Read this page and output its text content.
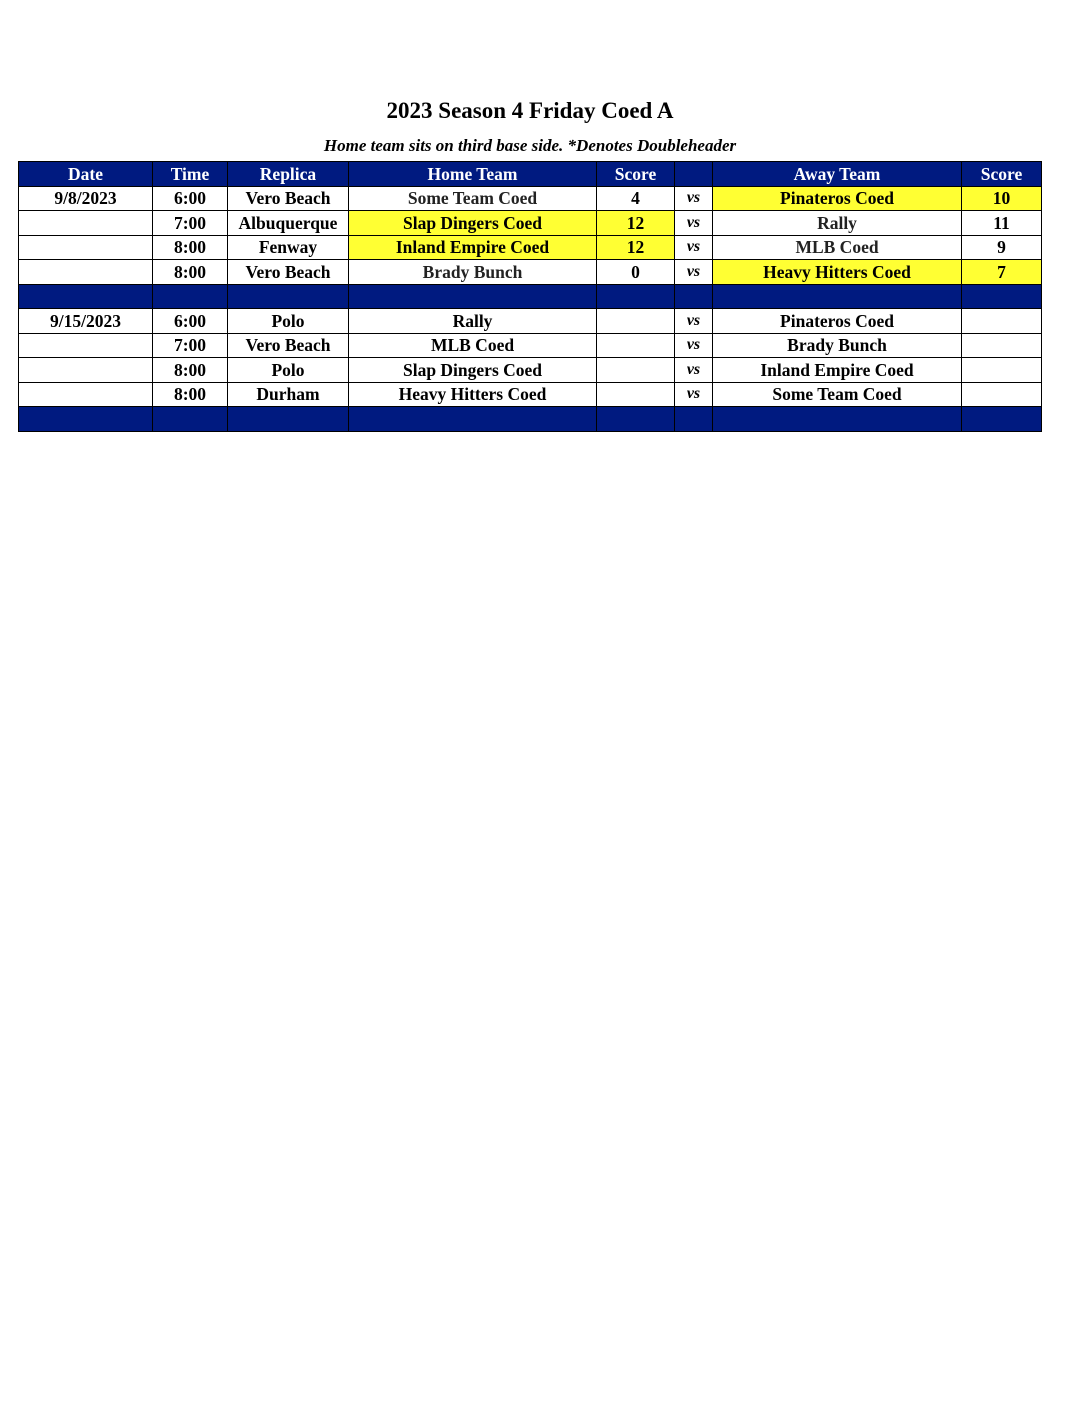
2023 Season 4 Friday Coed A
Home team sits on third base side. *Denotes Doubleheader
Date	Time	Replica	Home Team	Score		Away Team	Score
9/8/2023	6:00	Vero Beach	Some Team Coed	4	vs	Pinateros Coed	10
	7:00	Albuquerque	Slap Dingers Coed	12	vs	Rally	11
	8:00	Fenway	Inland Empire Coed	12	vs	MLB Coed	9
	8:00	Vero Beach	Brady Bunch	0	vs	Heavy Hitters Coed	7

9/15/2023	6:00	Polo	Rally		vs	Pinateros Coed	
	7:00	Vero Beach	MLB Coed		vs	Brady Bunch	
	8:00	Polo	Slap Dingers Coed		vs	Inland Empire Coed	
	8:00	Durham	Heavy Hitters Coed		vs	Some Team Coed	
